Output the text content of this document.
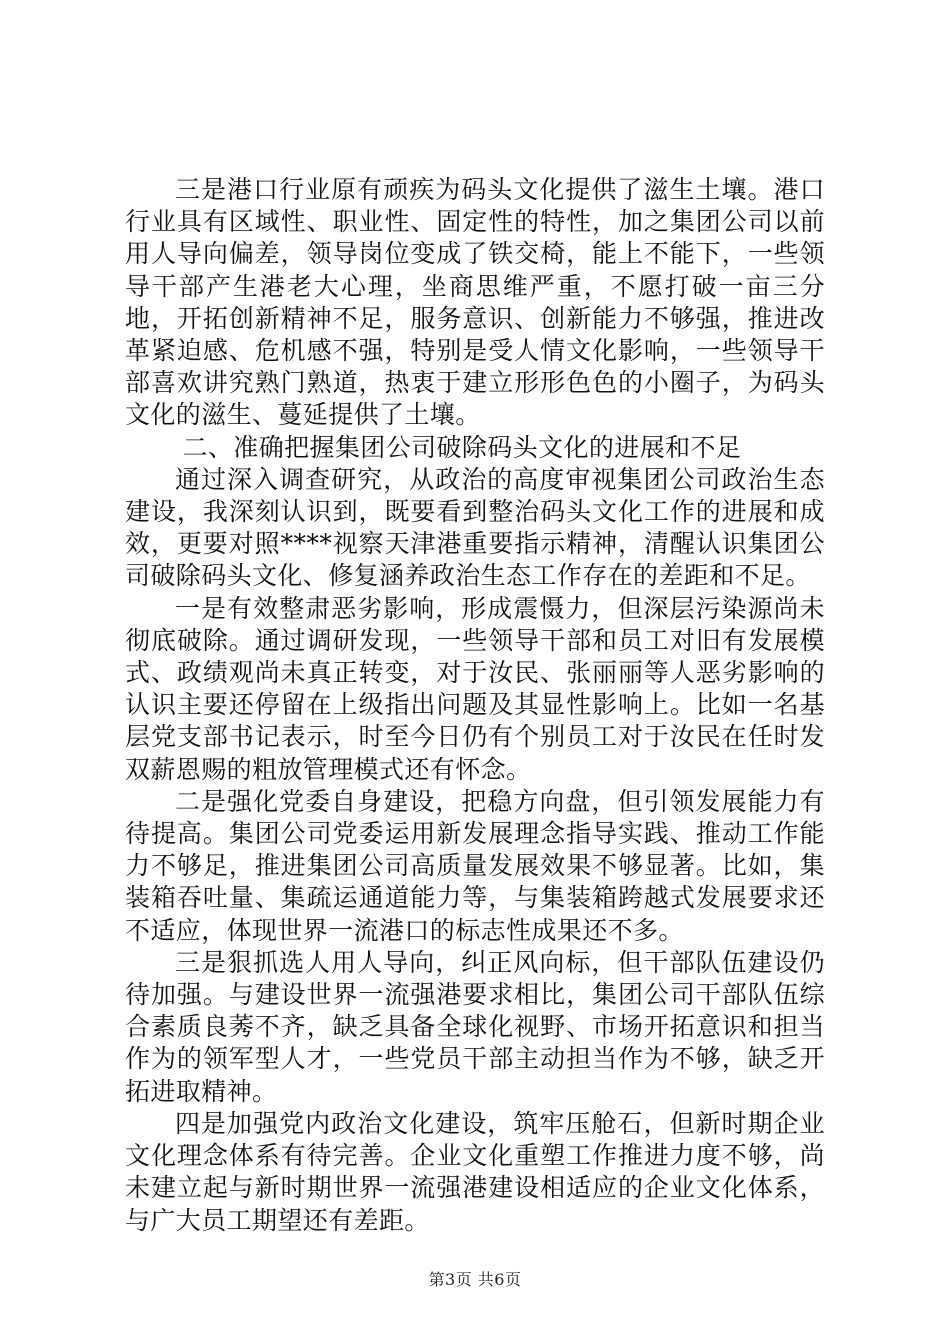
三是港口行业原有顽疾为码头文化提供了滋生土壤。港口行业具有区域性、职业性、固定性的特性，加之集团公司以前用人导向偏差，领导岗位变成了铁交椅，能上不能下，一些领导干部产生港老大心理，坐商思维严重，不愿打破一亩三分地，开拓创新精神不足，服务意识、创新能力不够强，推进改革紧迫感、危机感不强，特别是受人情文化影响，一些领导干部喜欢讲究熟门熟道，热衷于建立形形色色的小圈子，为码头文化的滋生、蔓延提供了土壤。

二、准确把握集团公司破除码头文化的进展和不足

通过深入调查研究，从政治的高度审视集团公司政治生态建设，我深刻认识到，既要看到整治码头文化工作的进展和成效，更要对照****视察天津港重要指示精神，清醒认识集团公司破除码头文化、修复涵养政治生态工作存在的差距和不足。

一是有效整肃恶劣影响，形成震慑力，但深层污染源尚未彻底破除。通过调研发现，一些领导干部和员工对旧有发展模式、政绩观尚未真正转变，对于汝民、张丽丽等人恶劣影响的认识主要还停留在上级指出问题及其显性影响上。比如一名基层党支部书记表示，时至今日仍有个别员工对于汝民在任时发双薪恩赐的粗放管理模式还有怀念。

二是强化党委自身建设，把稳方向盘，但引领发展能力有待提高。集团公司党委运用新发展理念指导实践、推动工作能力不够足，推进集团公司高质量发展效果不够显著。比如，集装箱吞吐量、集疏运通道能力等，与集装箱跨越式发展要求还不适应，体现世界一流港口的标志性成果还不多。

三是狠抓选人用人导向，纠正风向标，但干部队伍建设仍待加强。与建设世界一流强港要求相比，集团公司干部队伍综合素质良莠不齐，缺乏具备全球化视野、市场开拓意识和担当作为的领军型人才，一些党员干部主动担当作为不够，缺乏开拓进取精神。

四是加强党内政治文化建设，筑牢压舱石，但新时期企业文化理念体系有待完善。企业文化重塑工作推进力度不够，尚未建立起与新时期世界一流强港建设相适应的企业文化体系，与广大员工期望还有差距。

第3页 共6页
